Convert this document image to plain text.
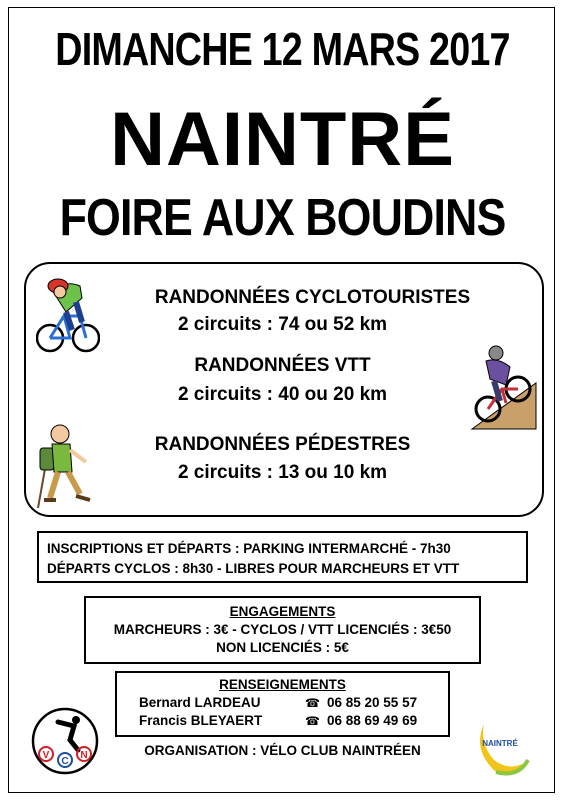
DIMANCHE 12 MARS 2017
NAINTRÉ
FOIRE AUX BOUDINS
RANDONNÉES CYCLOTOURISTES
2 circuits : 74 ou 52 km
RANDONNÉES VTT
2 circuits : 40 ou 20 km
RANDONNÉES PÉDESTRES
2 circuits : 13 ou 10 km
INSCRIPTIONS ET DÉPARTS : PARKING INTERMARCHÉ - 7h30
DÉPARTS CYCLOS : 8h30 - LIBRES POUR MARCHEURS ET VTT
ENGAGEMENTS
MARCHEURS : 3€ - CYCLOS / VTT LICENCIÉS : 3€50
NON LICENCIÉS : 5€
RENSEIGNEMENTS
Bernard LARDEAU	☎ 06 85 20 55 57
Francis BLEYAERT	☎ 06 88 69 49 69
ORGANISATION : VÉLO CLUB NAINTRÉEN
V
C
N
NAINTRÉ
